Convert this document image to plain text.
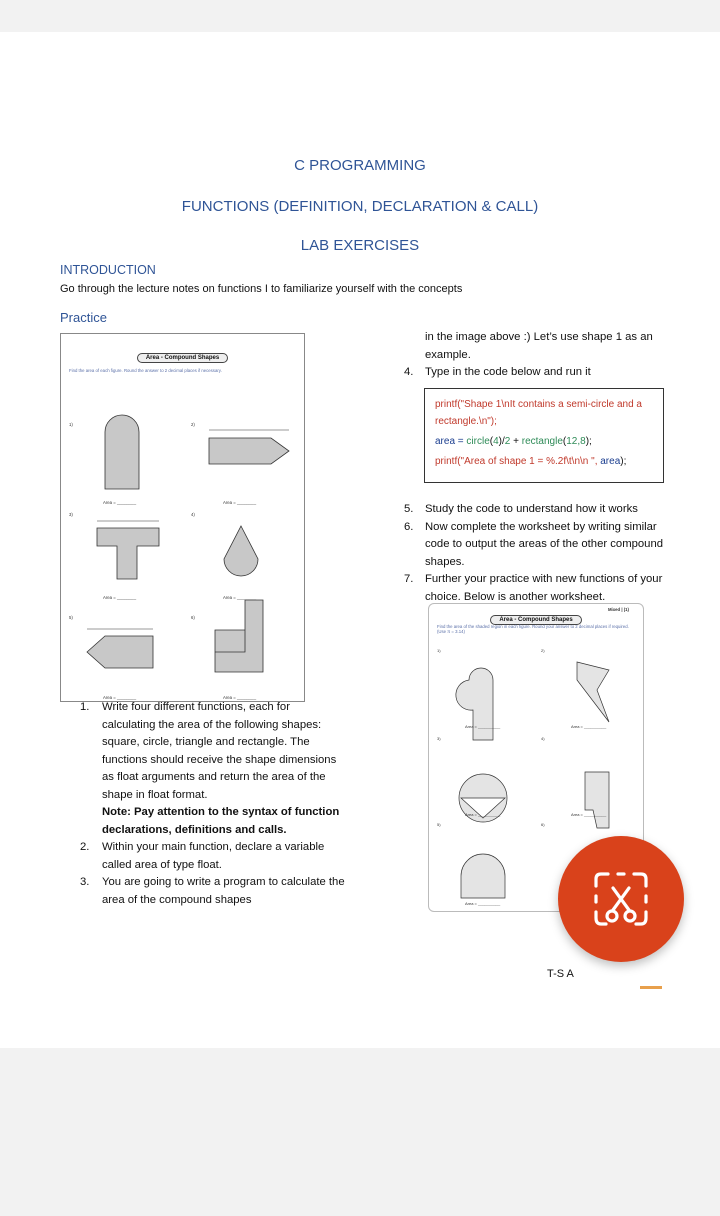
C PROGRAMMING
FUNCTIONS (DEFINITION, DECLARATION & CALL)
LAB EXERCISES
INTRODUCTION
Go through the lecture notes on functions I to familiarize yourself with the concepts
Practice
Area - Compound Shapes
Find the area of each figure. Round the answer to 2 decimal places if necessary.
1)	2)
3)	4)
5)	6)
Area = ________	Area = ________
Area = ________	Area = ________
Area = ________	Area = ________
1. Write four different functions, each for calculating the area of the following shapes: square, circle, triangle and rectangle. The functions should receive the shape dimensions as float arguments and return the area of the shape in float format.
Note: Pay attention to the syntax of function declarations, definitions and calls.
2. Within your main function, declare a variable called area of type float.
3. You are going to write a program to calculate the area of the compound shapes
in the image above :) Let’s use shape 1 as an example.
4. Type in the code below and run it
printf("Shape 1\nIt contains a semi-circle and a
rectangle.\n");
area = circle(4)/2 + rectangle(12,8);
printf("Area of shape 1 = %.2f\t\n\n ", area);
5. Study the code to understand how it works
6. Now complete the worksheet by writing similar code to output the areas of the other compound shapes.
7. Further your practice with new functions of your choice. Below is another worksheet.
Area - Compound Shapes
Mixed | (1)
Find the area of the shaded region in each figure. Round your answer to 2 decimal places if required. (Use π = 3.14)
1)	2)
3)	4)
5)	6)
Area = __________	Area = __________
Area = __________	Area = __________
Area = __________
T-S A
